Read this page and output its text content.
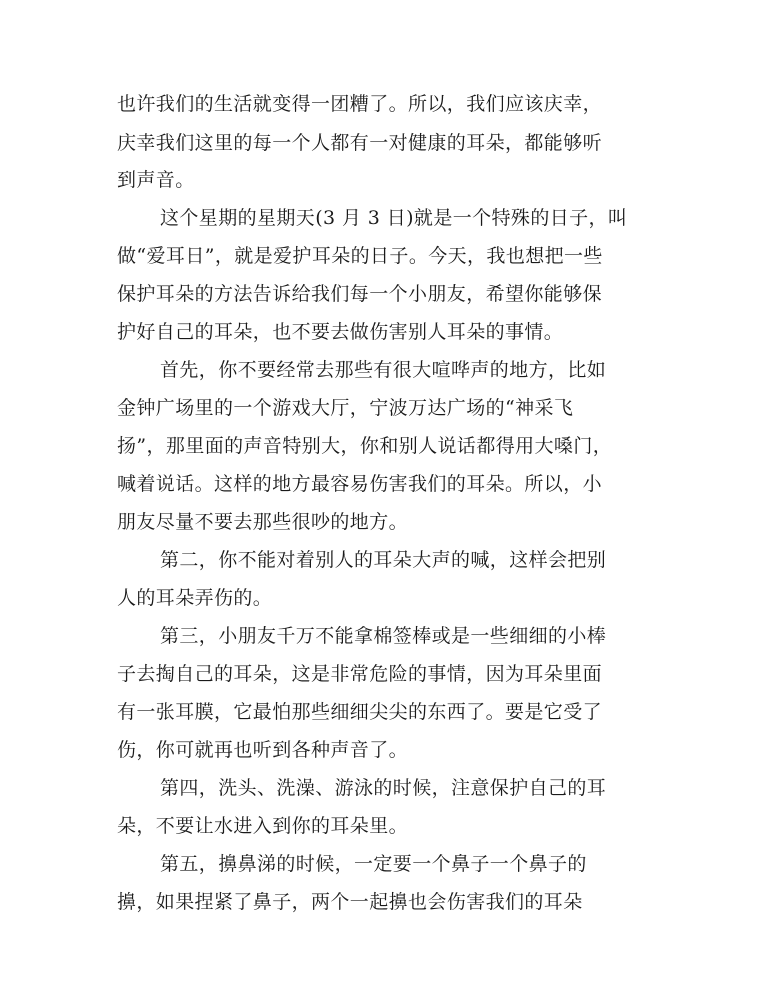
也许我们的生活就变得一团糟了。所以，我们应该庆幸，

庆幸我们这里的每一个人都有一对健康的耳朵，都能够听

到声音。

这个星期的星期天(3 月 3 日)就是一个特殊的日子，叫

做“爱耳日”，就是爱护耳朵的日子。今天，我也想把一些

保护耳朵的方法告诉给我们每一个小朋友，希望你能够保

护好自己的耳朵，也不要去做伤害别人耳朵的事情。

首先，你不要经常去那些有很大喧哗声的地方，比如

金钟广场里的一个游戏大厅，宁波万达广场的“神采飞

扬”，那里面的声音特别大，你和别人说话都得用大嗓门，

喊着说话。这样的地方最容易伤害我们的耳朵。所以，小

朋友尽量不要去那些很吵的地方。

第二，你不能对着别人的耳朵大声的喊，这样会把别

人的耳朵弄伤的。

第三，小朋友千万不能拿棉签棒或是一些细细的小棒

子去掏自己的耳朵，这是非常危险的事情，因为耳朵里面

有一张耳膜，它最怕那些细细尖尖的东西了。要是它受了

伤，你可就再也听到各种声音了。

第四，洗头、洗澡、游泳的时候，注意保护自己的耳

朵，不要让水进入到你的耳朵里。

第五，擤鼻涕的时候，一定要一个鼻子一个鼻子的

擤，如果捏紧了鼻子，两个一起擤也会伤害我们的耳朵
